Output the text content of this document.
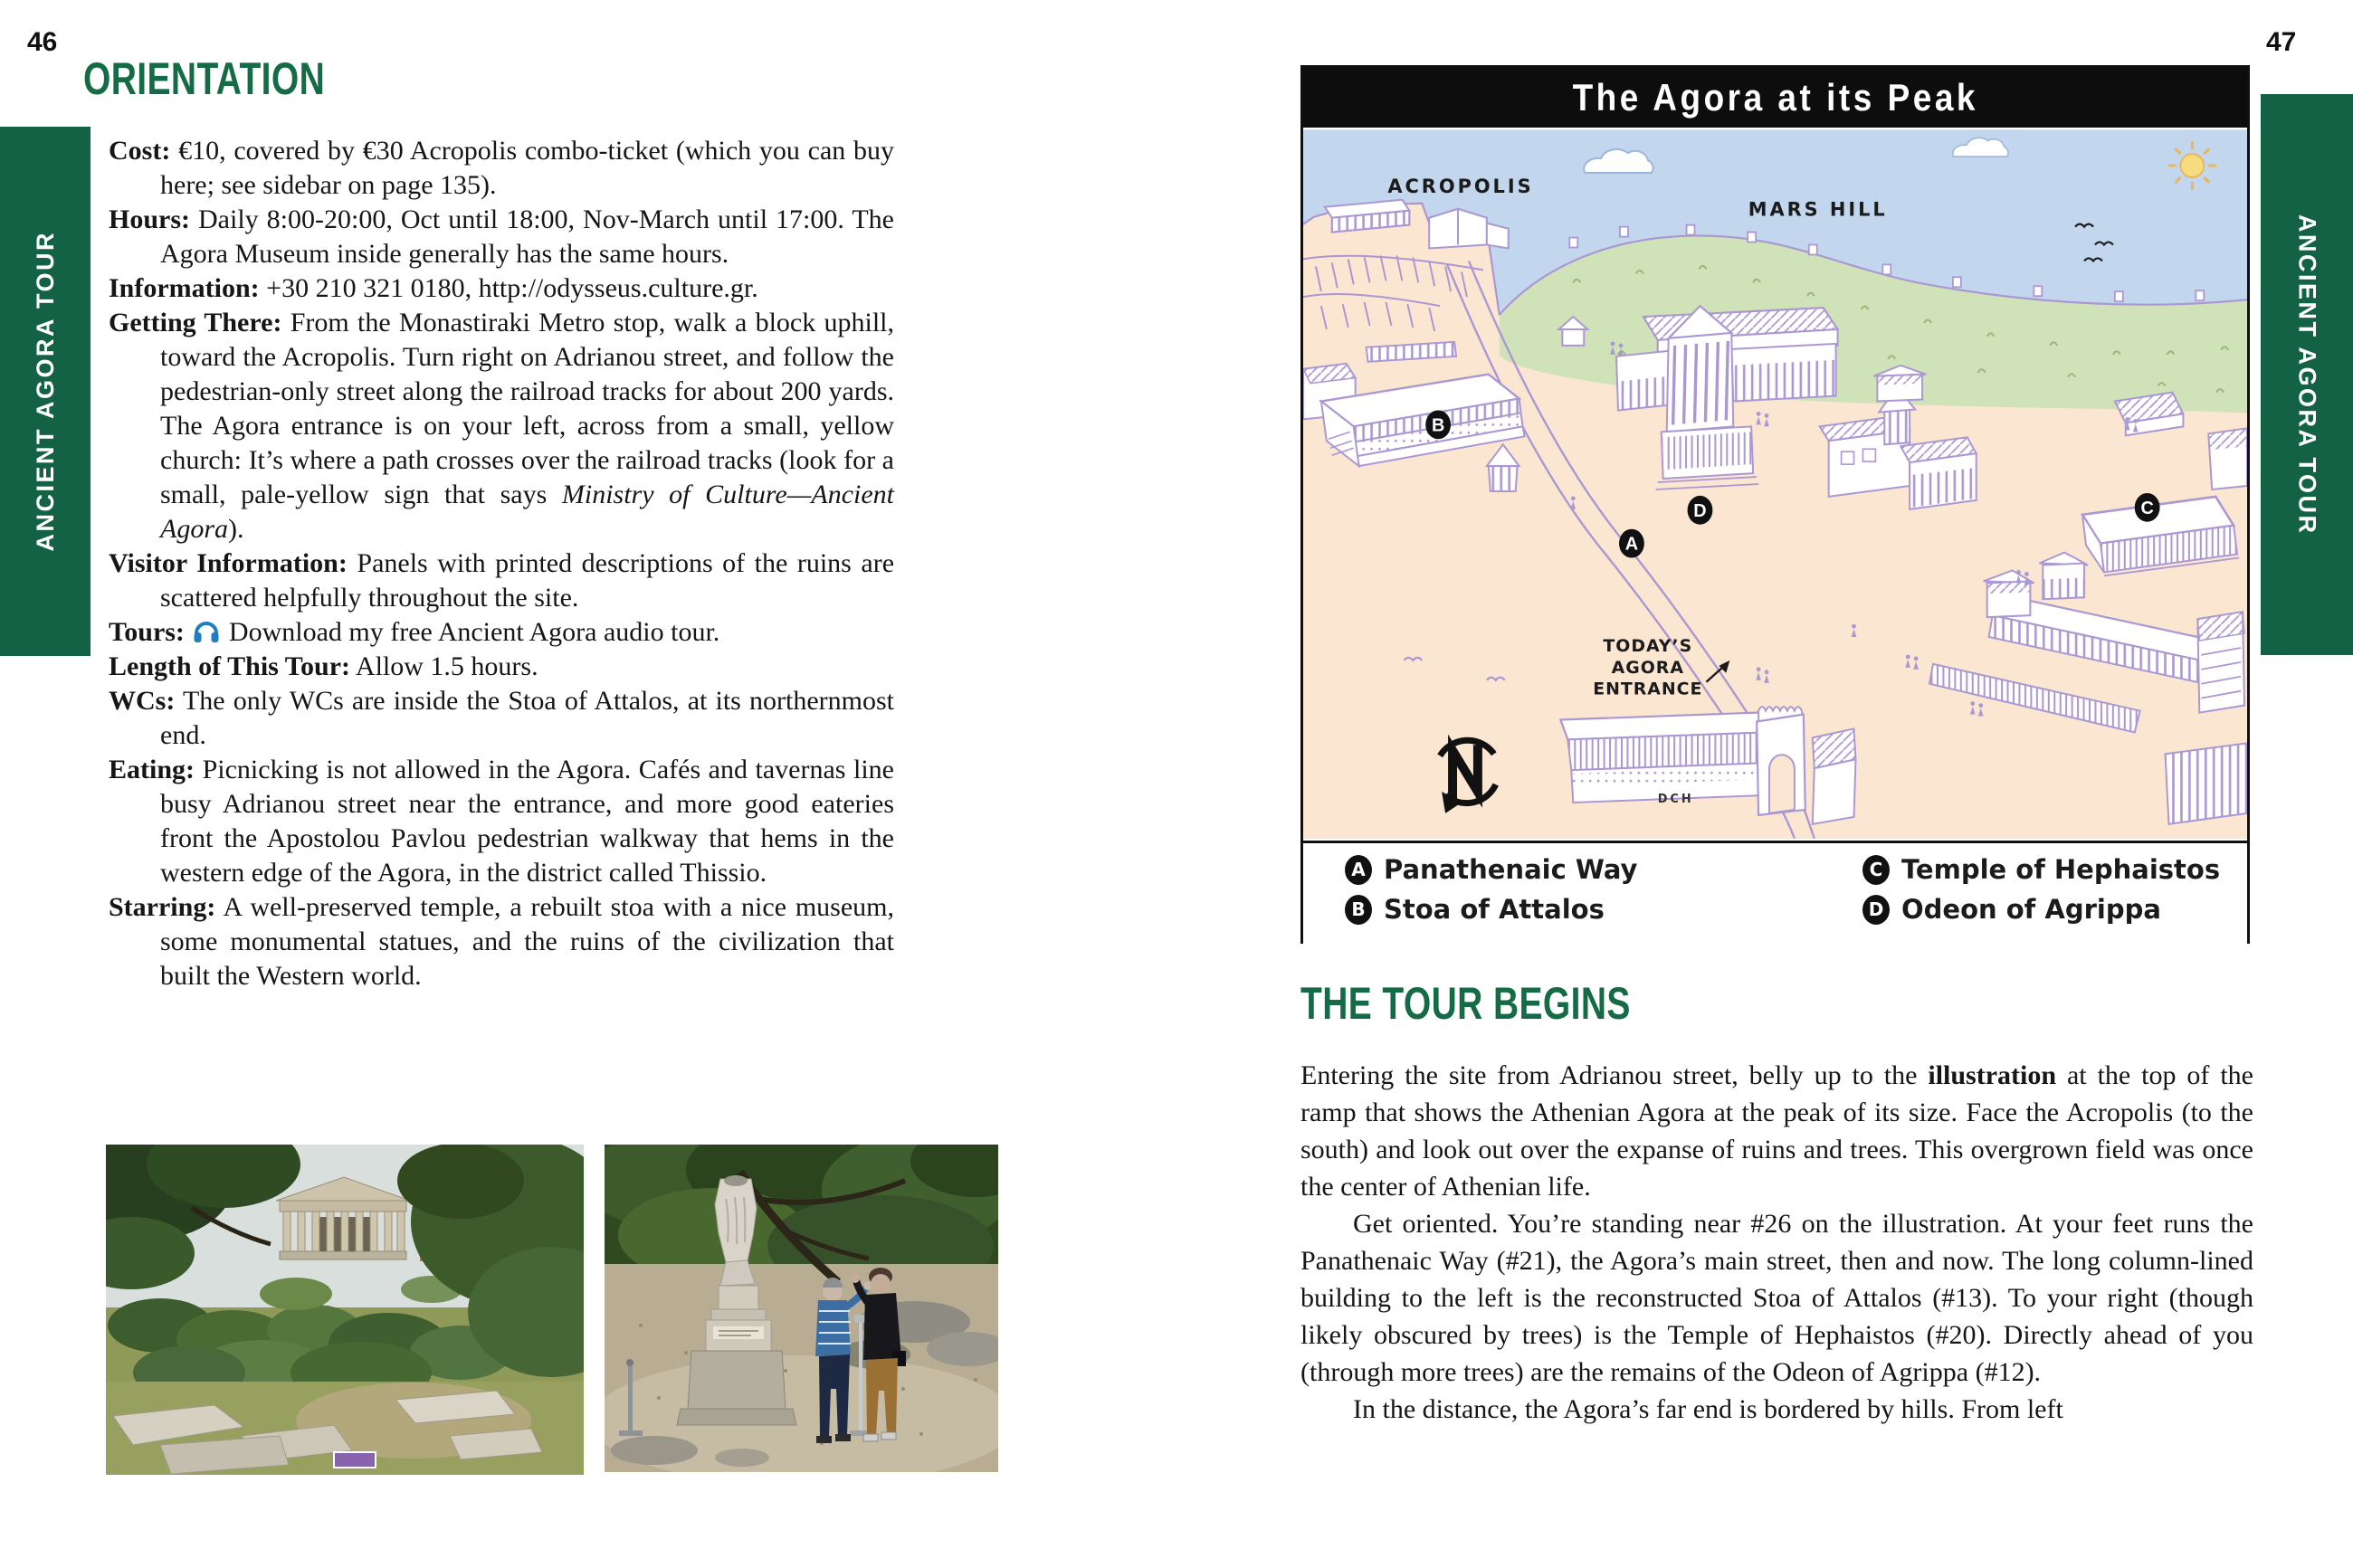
46
ANCIENT AGORA TOUR
ORIENTATION
Cost: €10, covered by €30 Acropolis combo-ticket (which you can buy here; see sidebar on page 135).
Hours: Daily 8:00-20:00, Oct until 18:00, Nov-March until 17:00. The Agora Museum inside generally has the same hours.
Information: +30 210 321 0180, http://odysseus.culture.gr.
Getting There: From the Monastiraki Metro stop, walk a block uphill, toward the Acropolis. Turn right on Adrianou street, and follow the pedestrian-only street along the railroad tracks for about 200 yards. The Agora entrance is on your left, across from a small, yellow church: It’s where a path crosses over the railroad tracks (look for a small, pale-yellow sign that says Ministry of Culture—Ancient Agora).
Visitor Information: Panels with printed descriptions of the ruins are scattered helpfully throughout the site.
Tours: Download my free Ancient Agora audio tour.
Length of This Tour: Allow 1.5 hours.
WCs: The only WCs are inside the Stoa of Attalos, at its northernmost end.
Eating: Picnicking is not allowed in the Agora. Cafés and tavernas line busy Adrianou street near the entrance, and more good eateries front the Apostolou Pavlou pedestrian walkway that hems in the western edge of the Agora, in the district called Thissio.
Starring: A well-preserved temple, a rebuilt stoa with a nice museum, some monumental statues, and the ruins of the civilization that built the Western world.
47
ANCIENT AGORA TOUR
The Agora at its Peak
ACROPOLIS
MARS HILL
TODAY’S
AGORA
ENTRANCE
DCH
B
D
A
C
A Panathenaic Way
B Stoa of Attalos
C Temple of Hephaistos
D Odeon of Agrippa
THE TOUR BEGINS

Entering the site from Adrianou street, belly up to the illustration at the top of the ramp that shows the Athenian Agora at the peak of its size. Face the Acropolis (to the south) and look out over the expanse of ruins and trees. This overgrown field was once the center of Athenian life.

Get oriented. You’re standing near #26 on the illustration. At your feet runs the Panathenaic Way (#21), the Agora’s main street, then and now. The long column-lined building to the left is the reconstructed Stoa of Attalos (#13). To your right (though likely obscured by trees) is the Temple of Hephaistos (#20). Directly ahead of you (through more trees) are the remains of the Odeon of Agrippa (#12).

In the distance, the Agora’s far end is bordered by hills. From left
